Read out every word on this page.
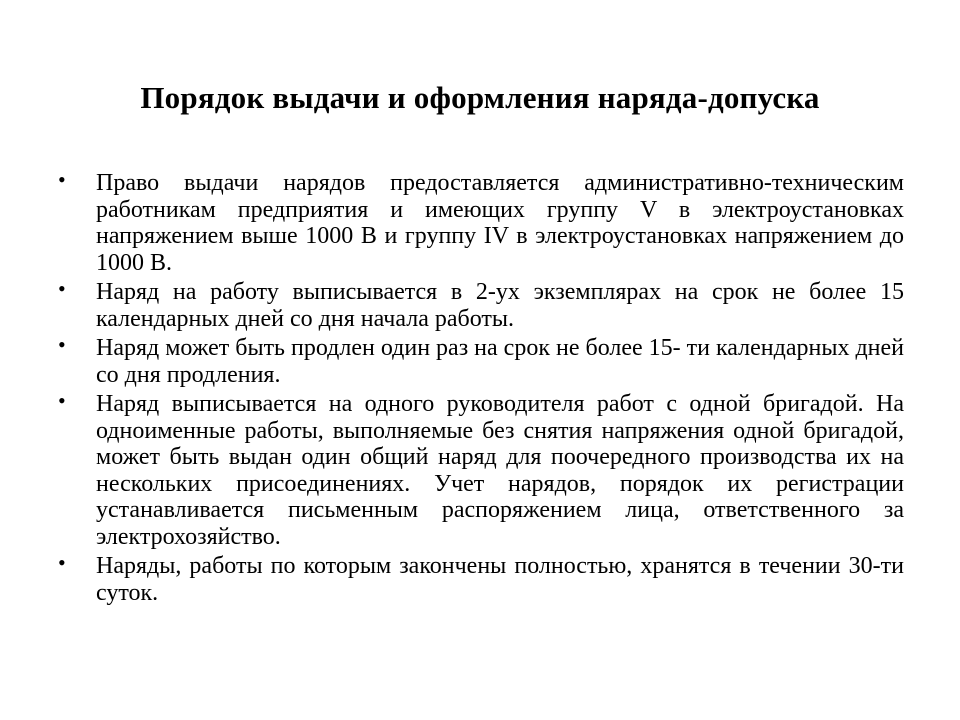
Порядок выдачи и оформления наряда-допуска
• Право выдачи нарядов предоставляется административно-техническим работникам предприятия и имеющих группу V в электроустановках напряжением выше 1000 В и группу IV в электроустановках напряжением до 1000 В.
• Наряд на работу выписывается в 2-ух экземплярах на срок не более 15 календарных дней со дня начала работы.
• Наряд может быть продлен один раз на срок не более 15- ти календарных дней со дня продления.
• Наряд выписывается на одного руководителя работ с одной бригадой. На одноименные работы, выполняемые без снятия напряжения одной бригадой, может быть выдан один общий наряд для поочередного производства их на нескольких присоединениях. Учет нарядов, порядок их регистрации устанавливается письменным распоряжением лица, ответственного за электрохозяйство.
• Наряды, работы по которым закончены полностью, хранятся в течении 30-ти суток.
